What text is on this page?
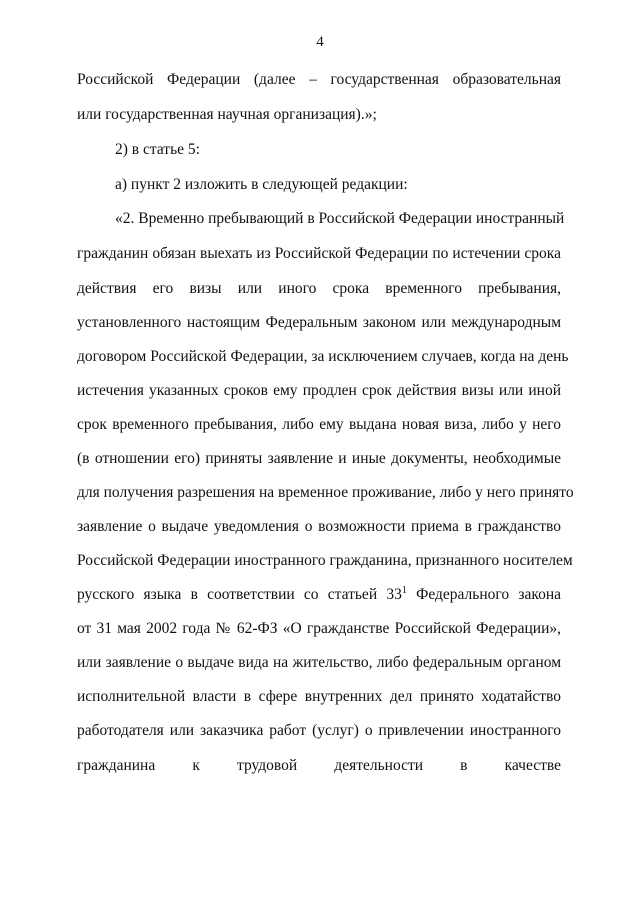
4
Российской Федерации (далее – государственная образовательная
или государственная научная организация).»;
2) в статье 5:
а) пункт 2 изложить в следующей редакции:
«2. Временно пребывающий в Российской Федерации иностранный
гражданин обязан выехать из Российской Федерации по истечении срока
действия его визы или иного срока временного пребывания,
установленного настоящим Федеральным законом или международным
договором Российской Федерации, за исключением случаев, когда на день
истечения указанных сроков ему продлен срок действия визы или иной
срок временного пребывания, либо ему выдана новая виза, либо у него
(в отношении его) приняты заявление и иные документы, необходимые
для получения разрешения на временное проживание, либо у него принято
заявление о выдаче уведомления о возможности приема в гражданство
Российской Федерации иностранного гражданина, признанного носителем
русского языка в соответствии со статьей $33^1$ Федерального закона
от 31 мая 2002 года № 62-ФЗ «О гражданстве Российской Федерации»,
или заявление о выдаче вида на жительство, либо федеральным органом
исполнительной власти в сфере внутренних дел принято ходатайство
работодателя или заказчика работ (услуг) о привлечении иностранного
гражданина к трудовой деятельности в качестве
